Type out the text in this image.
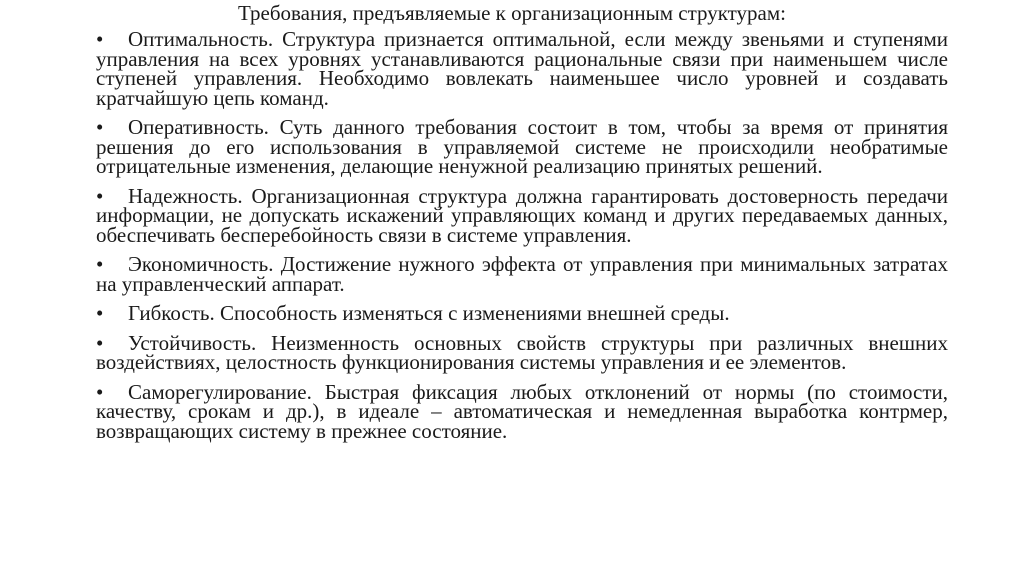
Требования, предъявляемые к организационным структурам:
• Оптимальность. Структура признается оптимальной, если между звеньями и ступенями управления на всех уровнях устанавливаются рациональные связи при наименьшем числе ступеней управления. Необходимо вовлекать наименьшее число уровней и создавать кратчайшую цепь команд.
• Оперативность. Суть данного требования состоит в том, чтобы за время от принятия решения до его использования в управляемой системе не происходили необратимые отрицательные изменения, делающие ненужной реализацию принятых решений.
• Надежность. Организационная структура должна гарантировать достоверность передачи информации, не допускать искажений управляющих команд и других передаваемых данных, обеспечивать бесперебойность связи в системе управления.
• Экономичность. Достижение нужного эффекта от управления при минимальных затратах на управленческий аппарат.
• Гибкость. Способность изменяться с изменениями внешней среды.
• Устойчивость. Неизменность основных свойств структуры при различных внешних воздействиях, целостность функционирования системы управления и ее элементов.
• Саморегулирование. Быстрая фиксация любых отклонений от нормы (по стоимости, качеству, срокам и др.), в идеале – автоматическая и немедленная выработка контрмер, возвращающих систему в прежнее состояние.
